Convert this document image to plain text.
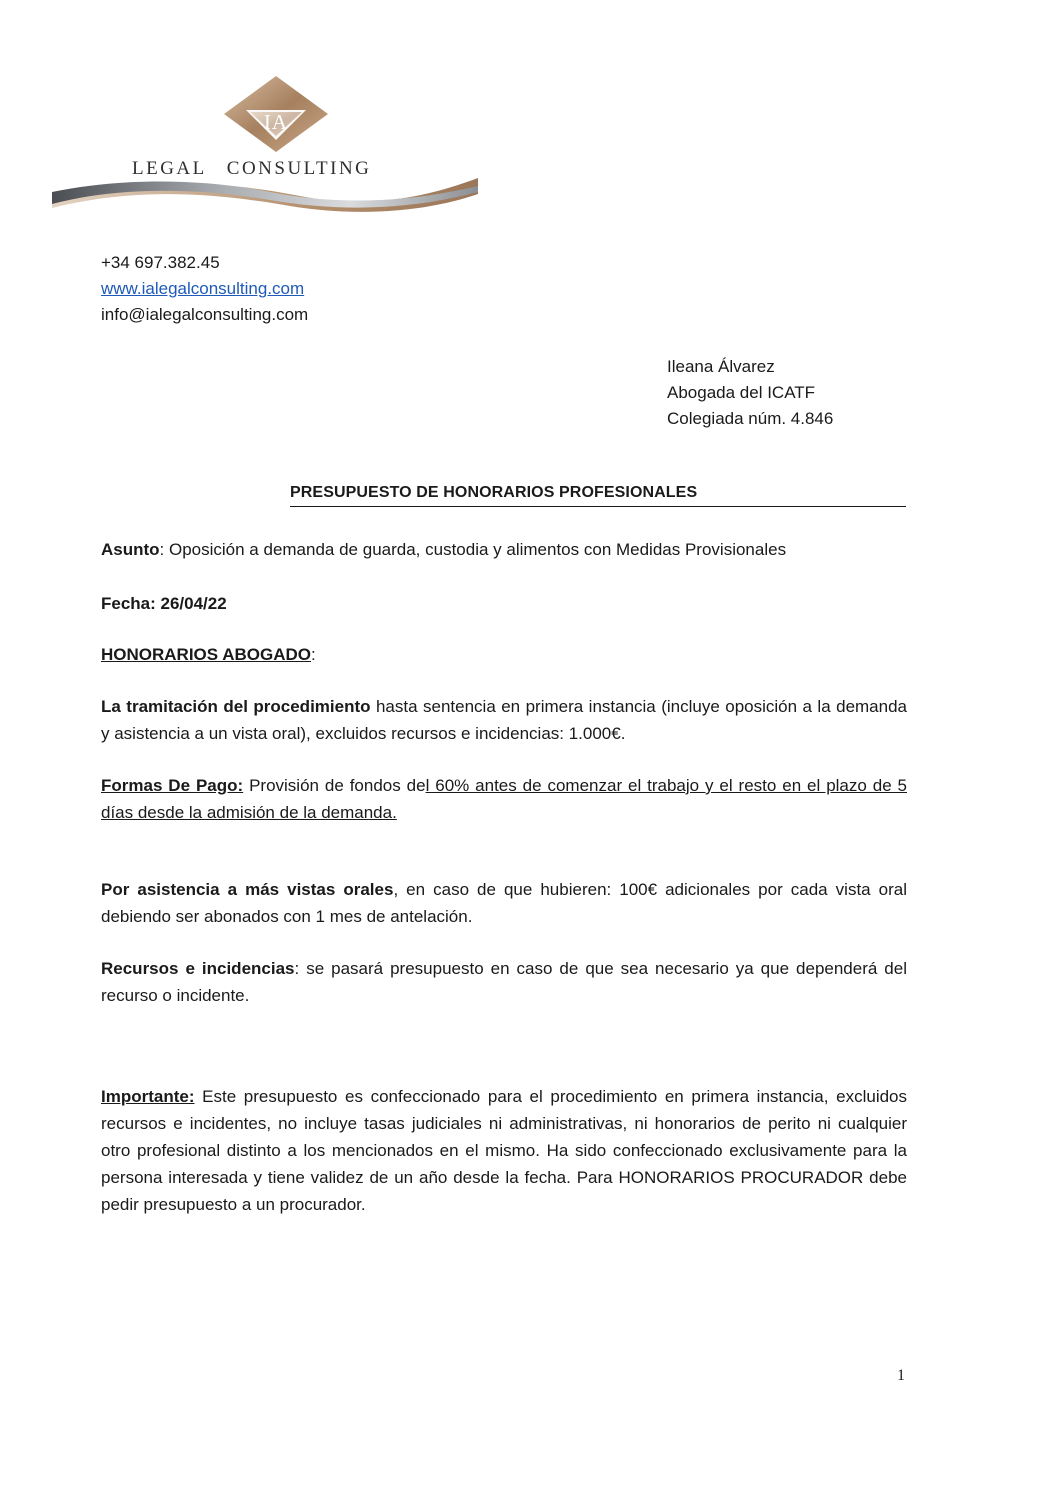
IA
LEGAL CONSULTING
+34 697.382.45
www.ialegalconsulting.com
info@ialegalconsulting.com
Ileana Álvarez
Abogada del ICATF
Colegiada núm. 4.846
PRESUPUESTO DE HONORARIOS PROFESIONALES
Asunto: Oposición a demanda de guarda, custodia y alimentos con Medidas Provisionales
Fecha: 26/04/22
HONORARIOS ABOGADO:
La tramitación del procedimiento hasta sentencia en primera instancia (incluye oposición a la demanda y asistencia a un vista oral), excluidos recursos e incidencias: 1.000€.
Formas De Pago: Provisión de fondos del 60% antes de comenzar el trabajo y el resto en el plazo de 5 días desde la admisión de la demanda.
Por asistencia a más vistas orales, en caso de que hubieren: 100€ adicionales por cada vista oral debiendo ser abonados con 1 mes de antelación.
Recursos e incidencias: se pasará presupuesto en caso de que sea necesario ya que dependerá del recurso o incidente.
Importante: Este presupuesto es confeccionado para el procedimiento en primera instancia, excluidos recursos e incidentes, no incluye tasas judiciales ni administrativas, ni honorarios de perito ni cualquier otro profesional distinto a los mencionados en el mismo. Ha sido confeccionado exclusivamente para la persona interesada y tiene validez de un año desde la fecha. Para HONORARIOS PROCURADOR debe pedir presupuesto a un procurador.
1
